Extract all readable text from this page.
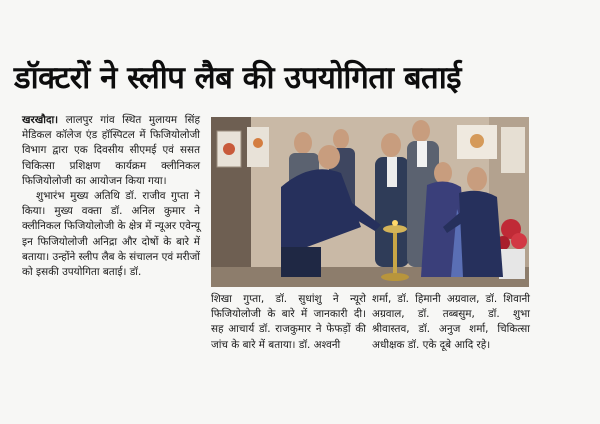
डॉक्टरों ने स्लीप लैब की उपयोगिता बताई

खरखौदा। लालपुर गांव स्थित मुलायम सिंह मेडिकल कॉलेज एंड हॉस्पिटल में फिजियोलोजी विभाग द्वारा एक दिवसीय सीएमई एवं ससत चिकित्सा प्रशिक्षण कार्यक्रम क्लीनिकल फिजियोलोजी का आयोजन किया गया।

शुभारंभ मुख्य अतिथि डॉ. राजीव गुप्ता ने किया। मुख्य वक्ता डॉ. अनिल कुमार ने क्लीनिकल फिजियोलोजी के क्षेत्र में न्यूअर एवेन्यू इन फिजियोलोजी अनिद्रा और दोषों के बारे में बताया। उन्होंने स्लीप लैब के संचालन एवं मरीजों को इसकी उपयोगिता बताई। डॉ.

शिखा गुप्ता, डॉ. सुधांशु ने न्यूरो फिजियोलोजी के बारे में जानकारी दी। सह आचार्य डॉ. राजकुमार ने फेफड़ों की जांच के बारे में बताया। डॉ. अश्वनी
शर्मा, डॉ. हिमानी अग्रवाल, डॉ. शिवानी अग्रवाल, डॉ. तब्बसुम, डॉ. शुभा श्रीवास्तव, डॉ. अनुज शर्मा, चिकित्सा अधीक्षक डॉ. एके दूबे आदि रहे।
